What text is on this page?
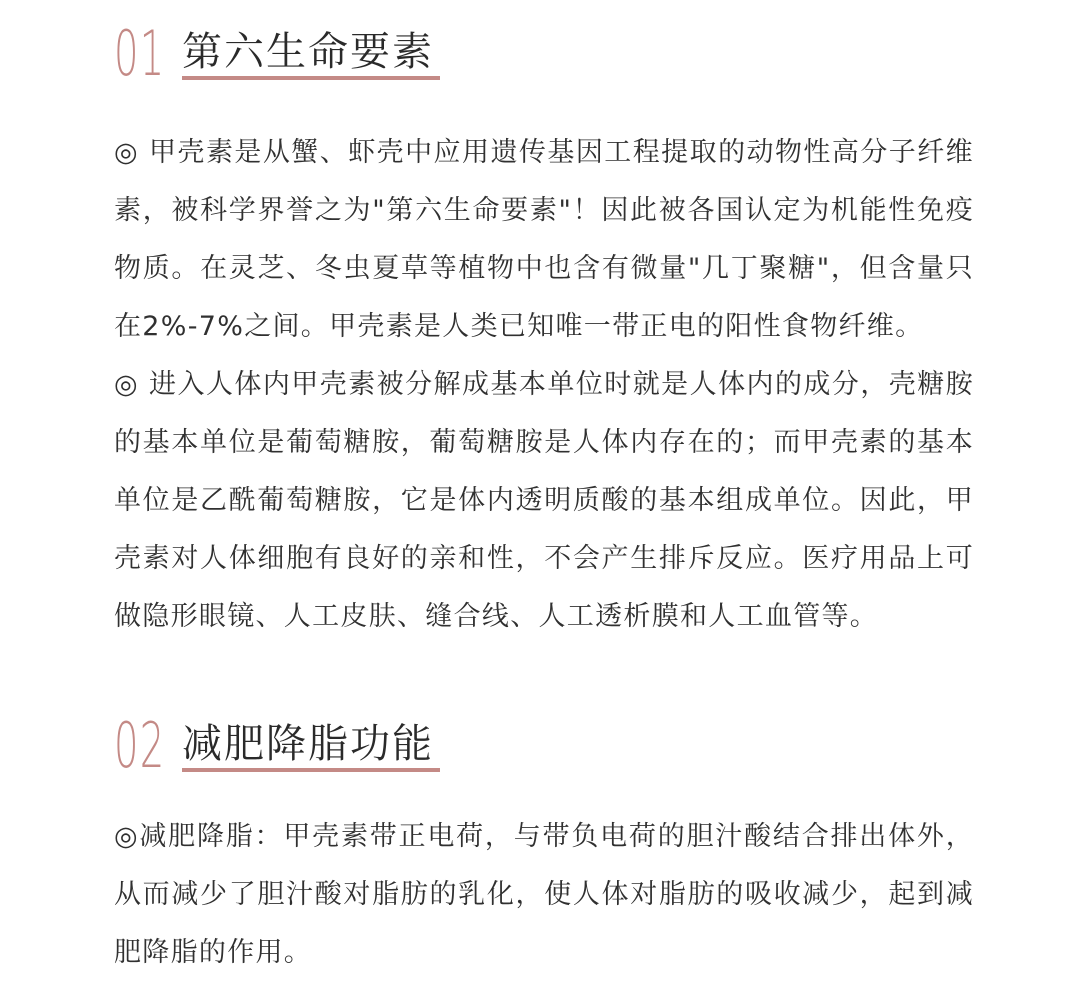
01 第六生命要素

◎ 甲壳素是从蟹、虾壳中应用遗传基因工程提取的动物性高分子纤维素，被科学界誉之为"第六生命要素"！因此被各国认定为机能性免疫物质。在灵芝、冬虫夏草等植物中也含有微量"几丁聚糖"，但含量只在2%-7%之间。甲壳素是人类已知唯一带正电的阳性食物纤维。

◎ 进入人体内甲壳素被分解成基本单位时就是人体内的成分，壳糖胺的基本单位是葡萄糖胺，葡萄糖胺是人体内存在的；而甲壳素的基本单位是乙酰葡萄糖胺，它是体内透明质酸的基本组成单位。因此，甲壳素对人体细胞有良好的亲和性，不会产生排斥反应。医疗用品上可做隐形眼镜、人工皮肤、缝合线、人工透析膜和人工血管等。

02 减肥降脂功能

◎减肥降脂：甲壳素带正电荷，与带负电荷的胆汁酸结合排出体外，从而减少了胆汁酸对脂肪的乳化，使人体对脂肪的吸收减少，起到减肥降脂的作用。
